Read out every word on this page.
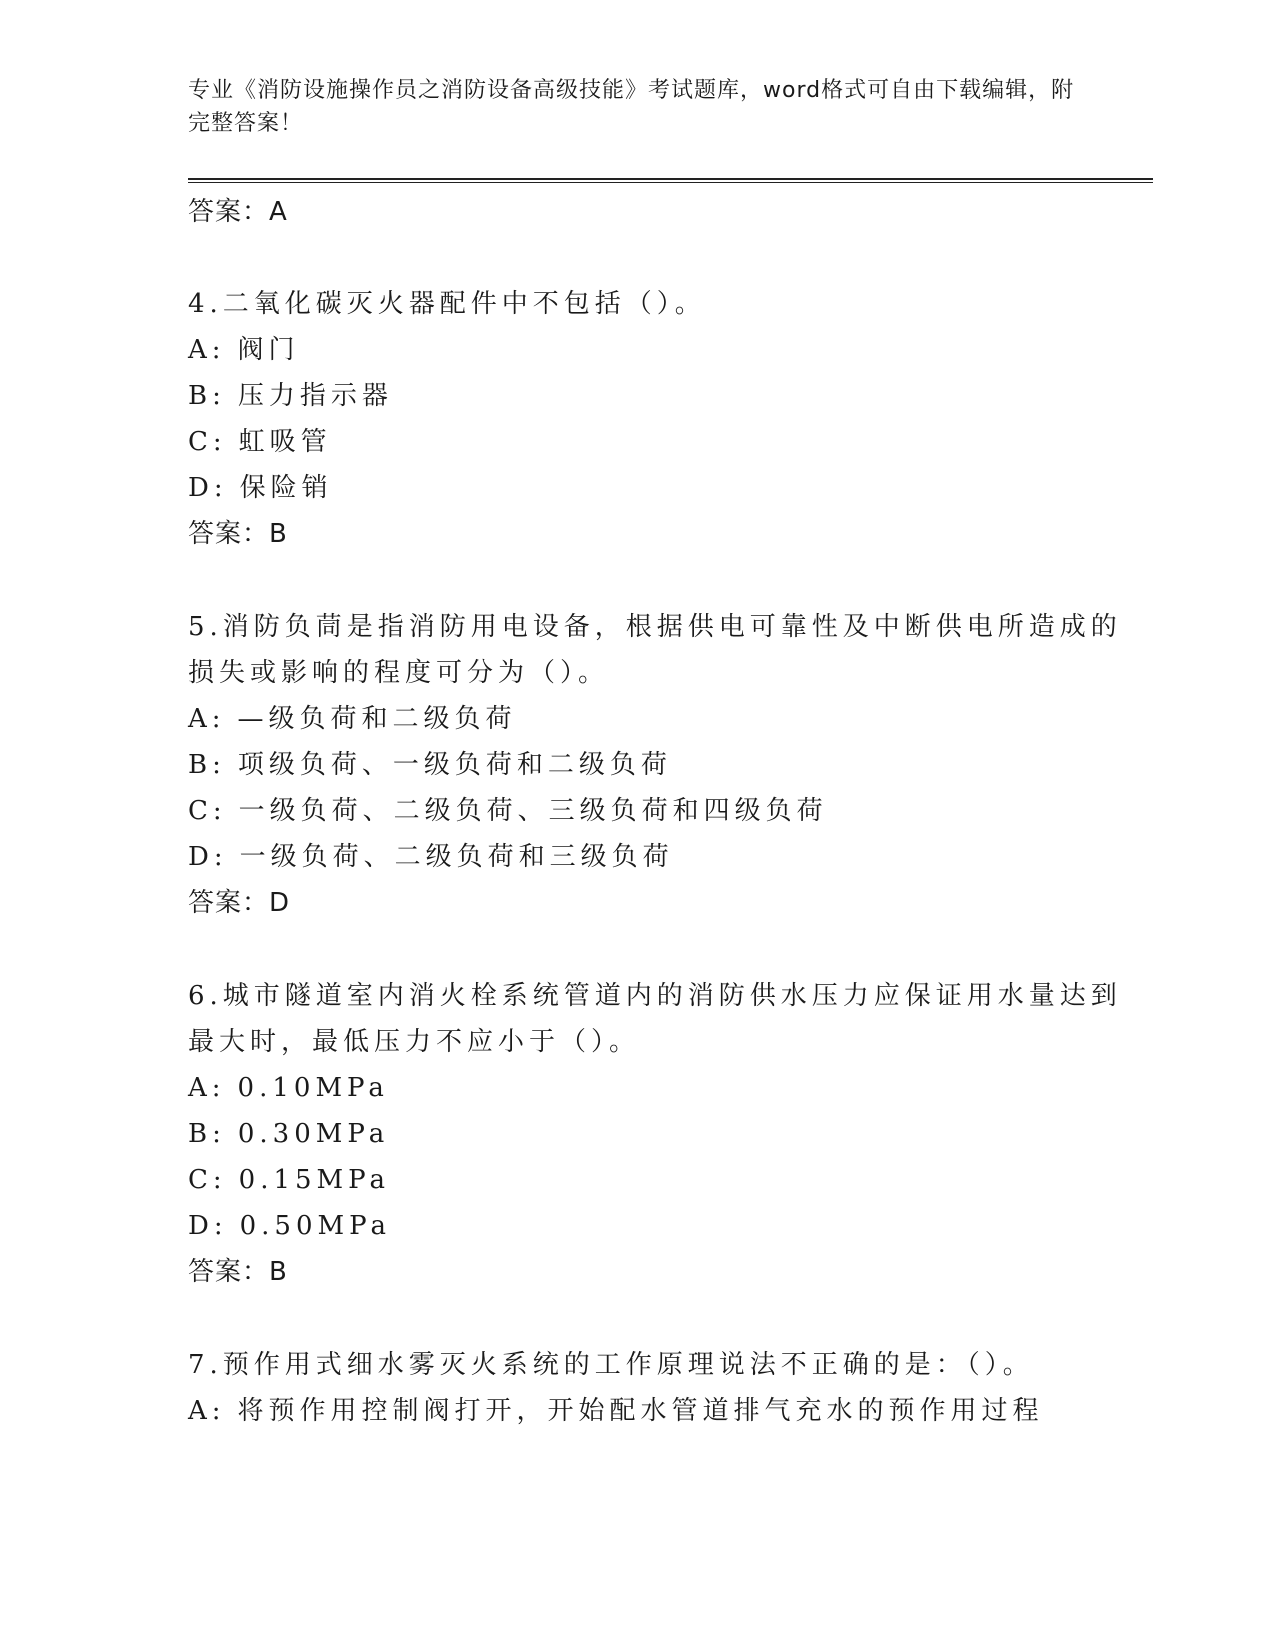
专业《消防设施操作员之消防设备高级技能》考试题库，word格式可自由下载编辑，附完整答案！
答案：A
4.二氧化碳灭火器配件中不包括（）。
A: 阀门
B: 压力指示器
C: 虹吸管
D: 保险销
答案：B
5.消防负茼是指消防用电设备，根据供电可靠性及中断供电所造成的
损失或影响的程度可分为（）。
A: —级负荷和二级负荷
B: 项级负荷、一级负荷和二级负荷
C: 一级负荷、二级负荷、三级负荷和四级负荷
D: 一级负荷、二级负荷和三级负荷
答案：D
6.城市隧道室内消火栓系统管道内的消防供水压力应保证用水量达到
最大时，最低压力不应小于（）。
A: 0.10MPa
B: 0.30MPa
C: 0.15MPa
D: 0.50MPa
答案：B
7.预作用式细水雾灭火系统的工作原理说法不正确的是：（）。
A: 将预作用控制阀打开，开始配水管道排气充水的预作用过程
